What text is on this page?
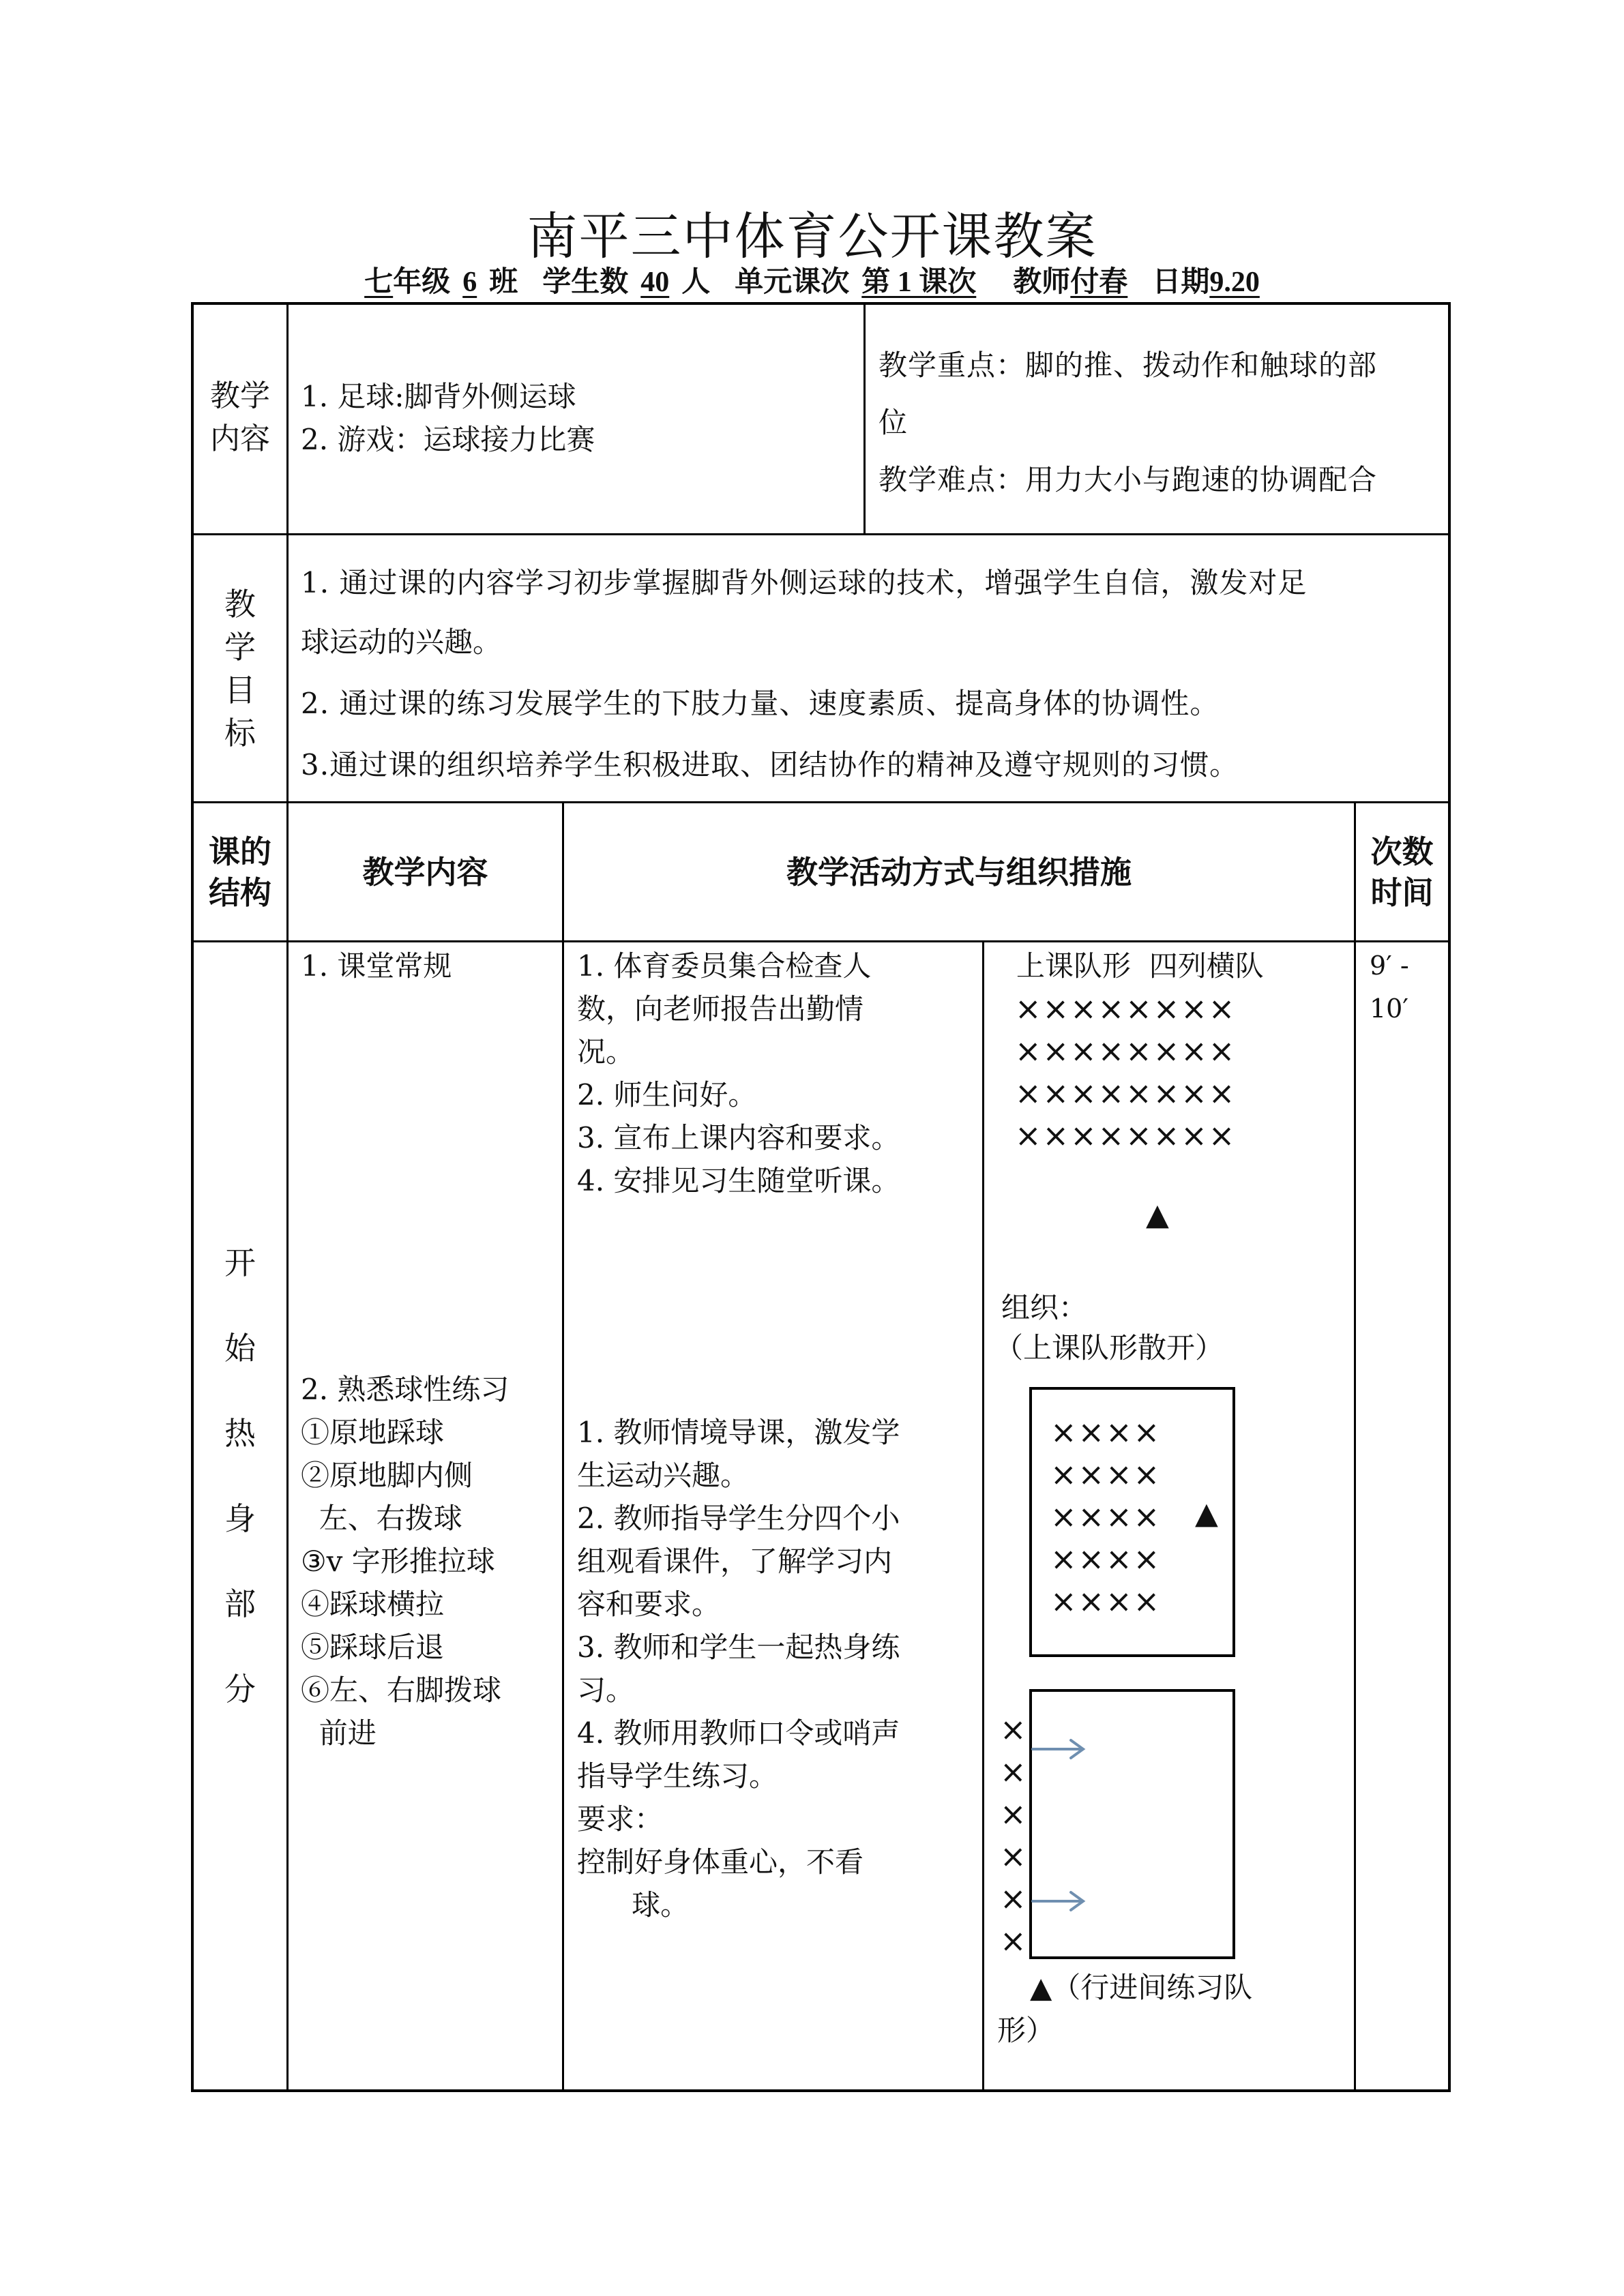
南平三中体育公开课教案
七年级 6 班 学生数 40 人 单元课次 第 1 课次 教师付春 日期9.20
教学
内容
1. 足球:脚背外侧运球
2. 游戏：运球接力比赛
教学重点：脚的推、拨动作和触球的部
位
教学难点：用力大小与跑速的协调配合
教
学
目
标
1. 通过课的内容学习初步掌握脚背外侧运球的技术，增强学生自信，激发对足
球运动的兴趣。
2. 通过课的练习发展学生的下肢力量、速度素质、提高身体的协调性。
3.通过课的组织培养学生积极进取、团结协作的精神及遵守规则的习惯。
课的
结构
教学内容	教学活动方式与组织措施
次数
时间
开
始
热
身
部
分
1. 课堂常规
2. 熟悉球性练习
①原地踩球
②原地脚内侧
左、右拨球
③v 字形推拉球
④踩球横拉
⑤踩球后退
⑥左、右脚拨球
前进
1. 体育委员集合检查人
数，向老师报告出勤情
况。
2. 师生问好。
3. 宣布上课内容和要求。
4. 安排见习生随堂听课。
1. 教师情境导课，激发学
生运动兴趣。
2. 教师指导学生分四个小
组观看课件，了解学习内
容和要求。
3. 教师和学生一起热身练
习。
4. 教师用教师口令或哨声
指导学生练习。
要求：
控制好身体重心，不看
球。
上课队形  四列横队
××××××××
××××××××
××××××××
××××××××
▲
组织：
（上课队形散开）
××××
××××
××××
××××
××××
▲
×
×
×
×
×
×
▲（行进间练习队
形）
9′ -
10′
